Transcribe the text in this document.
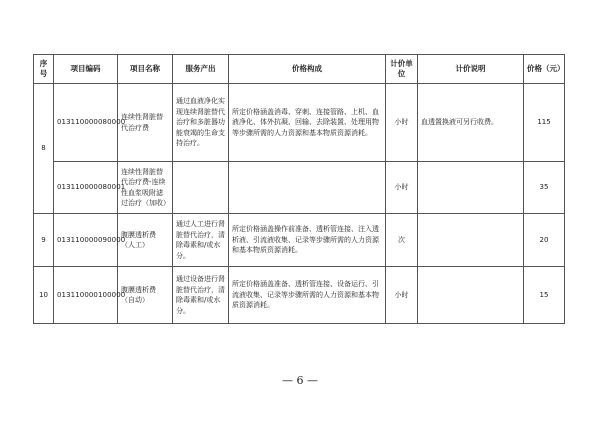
序号	项目编码	项目名称	服务产出	价格构成	计价单位	计价说明	价格（元）
8	013110000080000	连续性肾脏替代治疗费	通过血液净化实现连续肾脏替代治疗和多脏器功能衰竭的生命支持治疗。	所定价格涵盖消毒、穿刺、连接管路、上机、血液净化、体外抗凝、回输、去除装置、处理用物等步骤所需的人力资源和基本物质资源消耗。	小时	血透置换液可另行收费。	115
	013110000080001	连续性肾脏替代治疗费-连续性血浆吸附滤过治疗（加收）			小时		35
9	013110000090000	腹膜透析费（人工）	通过人工进行肾脏替代治疗，清除毒素和/或水分。	所定价格涵盖操作前准备、透析管连接、注入透析液、引流液收集、记录等步骤所需的人力资源和基本物质资源消耗。	次		20
10	013110000100000	腹膜透析费（自动）	通过设备进行肾脏替代治疗，清除毒素和/或水分。	所定价格涵盖准备、透析管连接、设备运行、引流液收集、记录等步骤所需的人力资源和基本物质资源消耗。	小时		15
— 6 —
